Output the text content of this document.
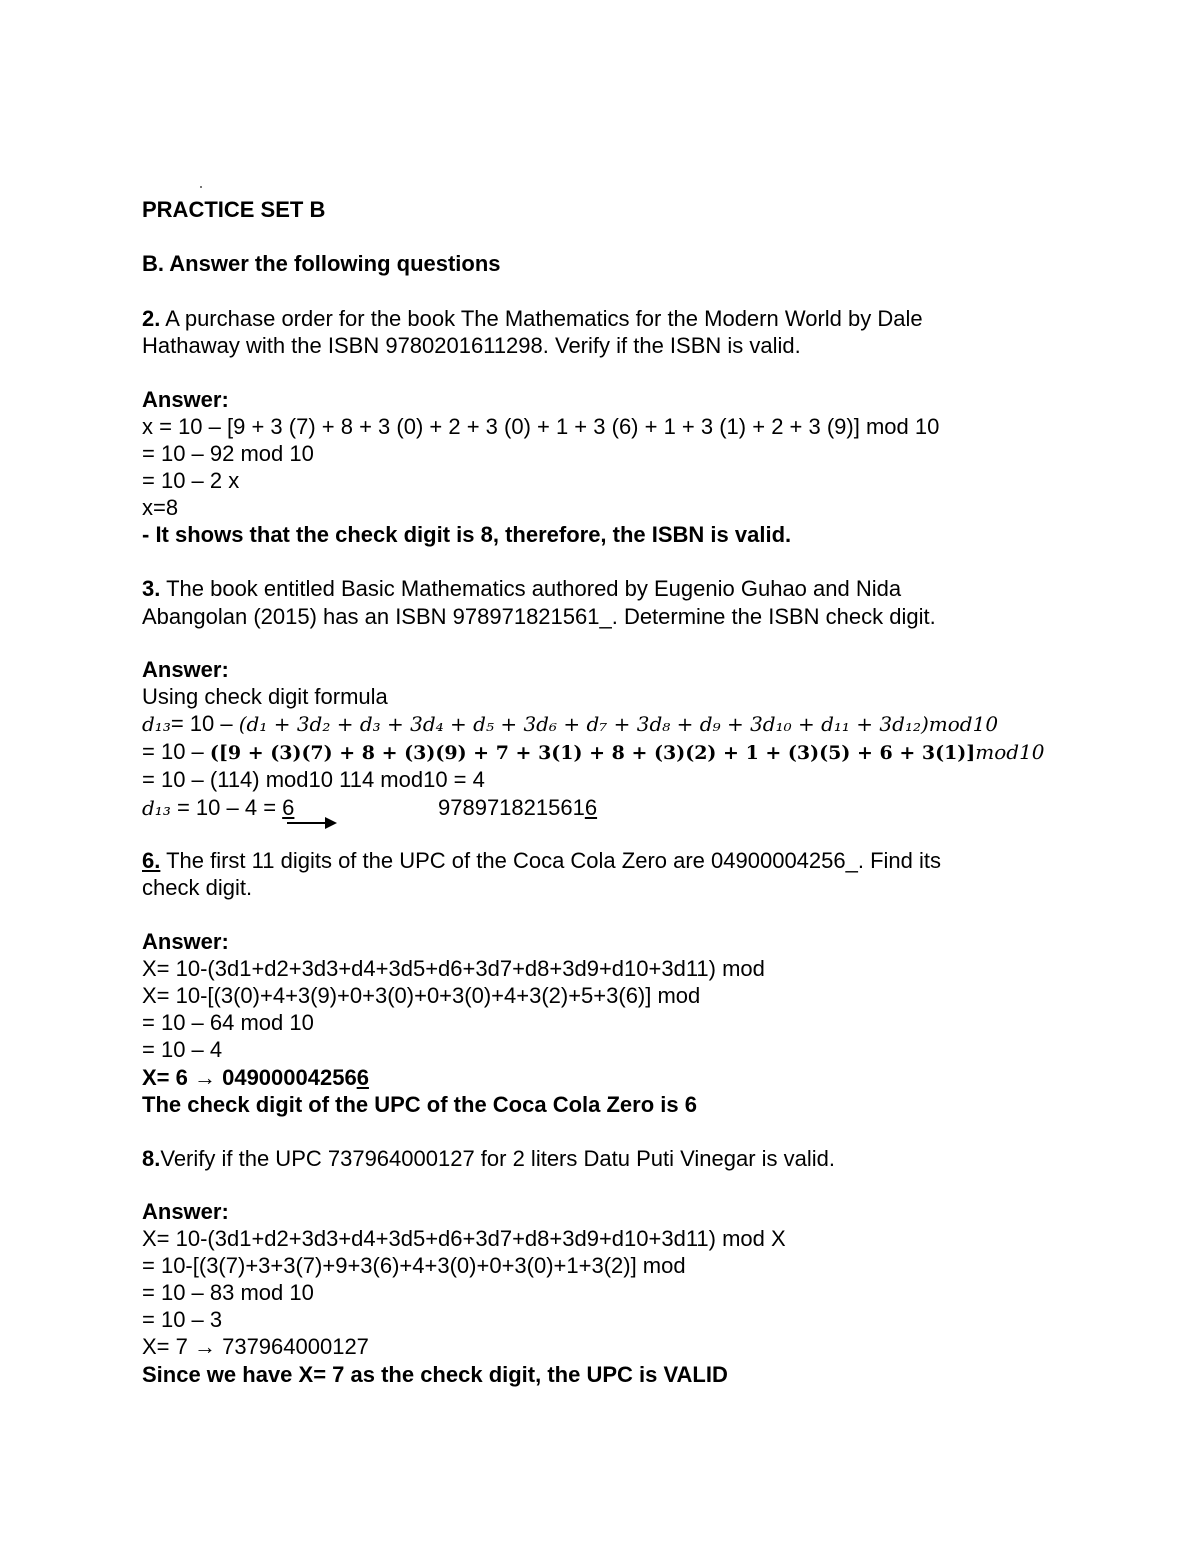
PRACTICE SET B
B. Answer the following questions
2. A purchase order for the book The Mathematics for the Modern World by Dale
Hathaway with the ISBN 9780201611298. Verify if the ISBN is valid.
Answer:
x = 10 – [9 + 3 (7) + 8 + 3 (0) + 2 + 3 (0) + 1 + 3 (6) + 1 + 3 (1) + 2 + 3 (9)] mod 10
= 10 – 92 mod 10
= 10 – 2 x
x=8
- It shows that the check digit is 8, therefore, the ISBN is valid.
3. The book entitled Basic Mathematics authored by Eugenio Guhao and Nida
Abangolan (2015) has an ISBN 978971821561_. Determine the ISBN check digit.
Answer:
Using check digit formula
d₁₃= 10 – (d₁ + 3d₂ + d₃ + 3d₄ + d₅ + 3d₆ + d₇ + 3d₈ + d₉ + 3d₁₀ + d₁₁ + 3d₁₂)mod10
= 10 – ([9 + (3)(7) + 8 + (3)(9) + 7 + 3(1) + 8 + (3)(2) + 1 + (3)(5) + 6 + 3(1)]mod10
= 10 – (114) mod10 114 mod10 = 4
d₁₃ = 10 – 4 = 6	9789718215616
6. The first 11 digits of the UPC of the Coca Cola Zero are 04900004256_. Find its
check digit.
Answer:
X= 10-(3d1+d2+3d3+d4+3d5+d6+3d7+d8+3d9+d10+3d11) mod
X= 10-[(3(0)+4+3(9)+0+3(0)+0+3(0)+4+3(2)+5+3(6)] mod
= 10 – 64 mod 10
= 10 – 4
X= 6 → 049000042566
The check digit of the UPC of the Coca Cola Zero is 6
8.Verify if the UPC 737964000127 for 2 liters Datu Puti Vinegar is valid.
Answer:
X= 10-(3d1+d2+3d3+d4+3d5+d6+3d7+d8+3d9+d10+3d11) mod X
= 10-[(3(7)+3+3(7)+9+3(6)+4+3(0)+0+3(0)+1+3(2)] mod
= 10 – 83 mod 10
= 10 – 3
X= 7 → 737964000127
Since we have X= 7 as the check digit, the UPC is VALID
